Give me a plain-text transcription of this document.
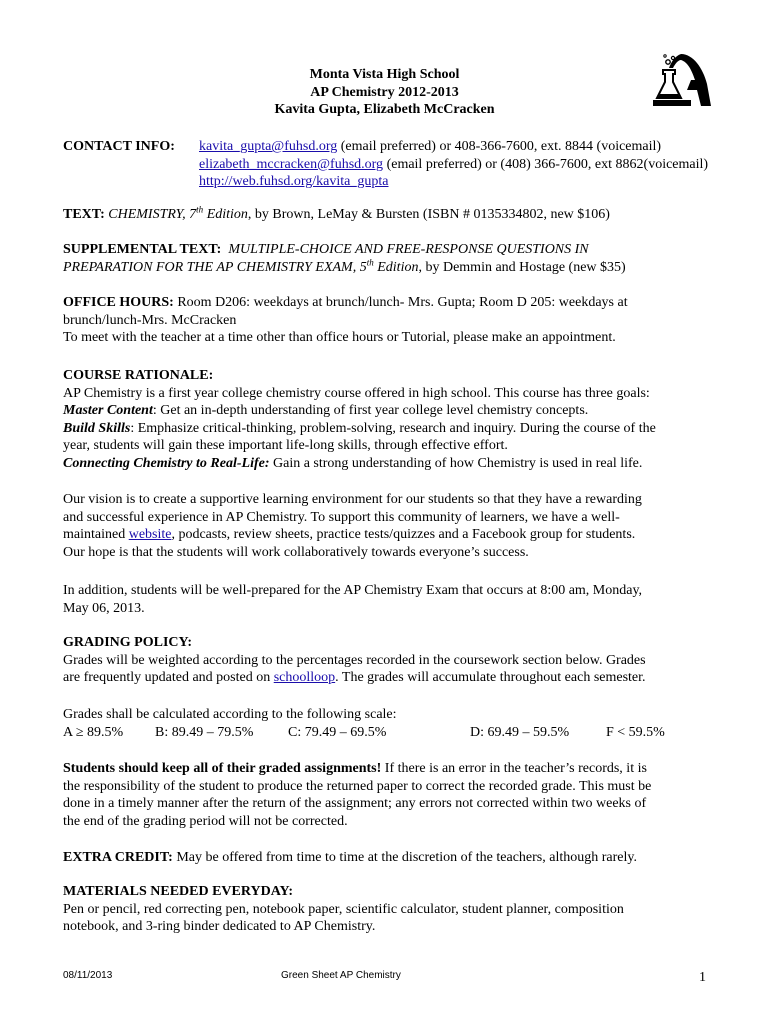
Monta Vista High School
AP Chemistry 2012-2013
Kavita Gupta, Elizabeth McCracken
CONTACT INFO: kavita_gupta@fuhsd.org (email preferred) or 408-366-7600, ext. 8844 (voicemail)
elizabeth_mccracken@fuhsd.org (email preferred) or (408) 366-7600, ext 8862(voicemail)
http://web.fuhsd.org/kavita_gupta
TEXT: CHEMISTRY, 7th Edition, by Brown, LeMay & Bursten (ISBN # 0135334802, new $106)
SUPPLEMENTAL TEXT: MULTIPLE-CHOICE AND FREE-RESPONSE QUESTIONS IN
PREPARATION FOR THE AP CHEMISTRY EXAM, 5th Edition, by Demmin and Hostage (new $35)
OFFICE HOURS: Room D206: weekdays at brunch/lunch- Mrs. Gupta; Room D 205: weekdays at
brunch/lunch-Mrs. McCracken
To meet with the teacher at a time other than office hours or Tutorial, please make an appointment.
COURSE RATIONALE:
AP Chemistry is a first year college chemistry course offered in high school. This course has three goals:
Master Content: Get an in-depth understanding of first year college level chemistry concepts.
Build Skills: Emphasize critical-thinking, problem-solving, research and inquiry. During the course of the
year, students will gain these important life-long skills, through effective effort.
Connecting Chemistry to Real-Life: Gain a strong understanding of how Chemistry is used in real life.
Our vision is to create a supportive learning environment for our students so that they have a rewarding
and successful experience in AP Chemistry. To support this community of learners, we have a well-
maintained website, podcasts, review sheets, practice tests/quizzes and a Facebook group for students.
Our hope is that the students will work collaboratively towards everyone’s success.
In addition, students will be well-prepared for the AP Chemistry Exam that occurs at 8:00 am, Monday,
May 06, 2013.
GRADING POLICY:
Grades will be weighted according to the percentages recorded in the coursework section below. Grades
are frequently updated and posted on schoolloop. The grades will accumulate throughout each semester.
Grades shall be calculated according to the following scale:
A ≥ 89.5% B: 89.49 – 79.5% C: 79.49 – 69.5%	D: 69.49 – 59.5%	F < 59.5%
Students should keep all of their graded assignments! If there is an error in the teacher’s records, it is
the responsibility of the student to produce the returned paper to correct the recorded grade. This must be
done in a timely manner after the return of the assignment; any errors not corrected within two weeks of
the end of the grading period will not be corrected.
EXTRA CREDIT: May be offered from time to time at the discretion of the teachers, although rarely.
MATERIALS NEEDED EVERYDAY:
Pen or pencil, red correcting pen, notebook paper, scientific calculator, student planner, composition
notebook, and 3-ring binder dedicated to AP Chemistry.
08/11/2013	Green Sheet AP Chemistry	1
